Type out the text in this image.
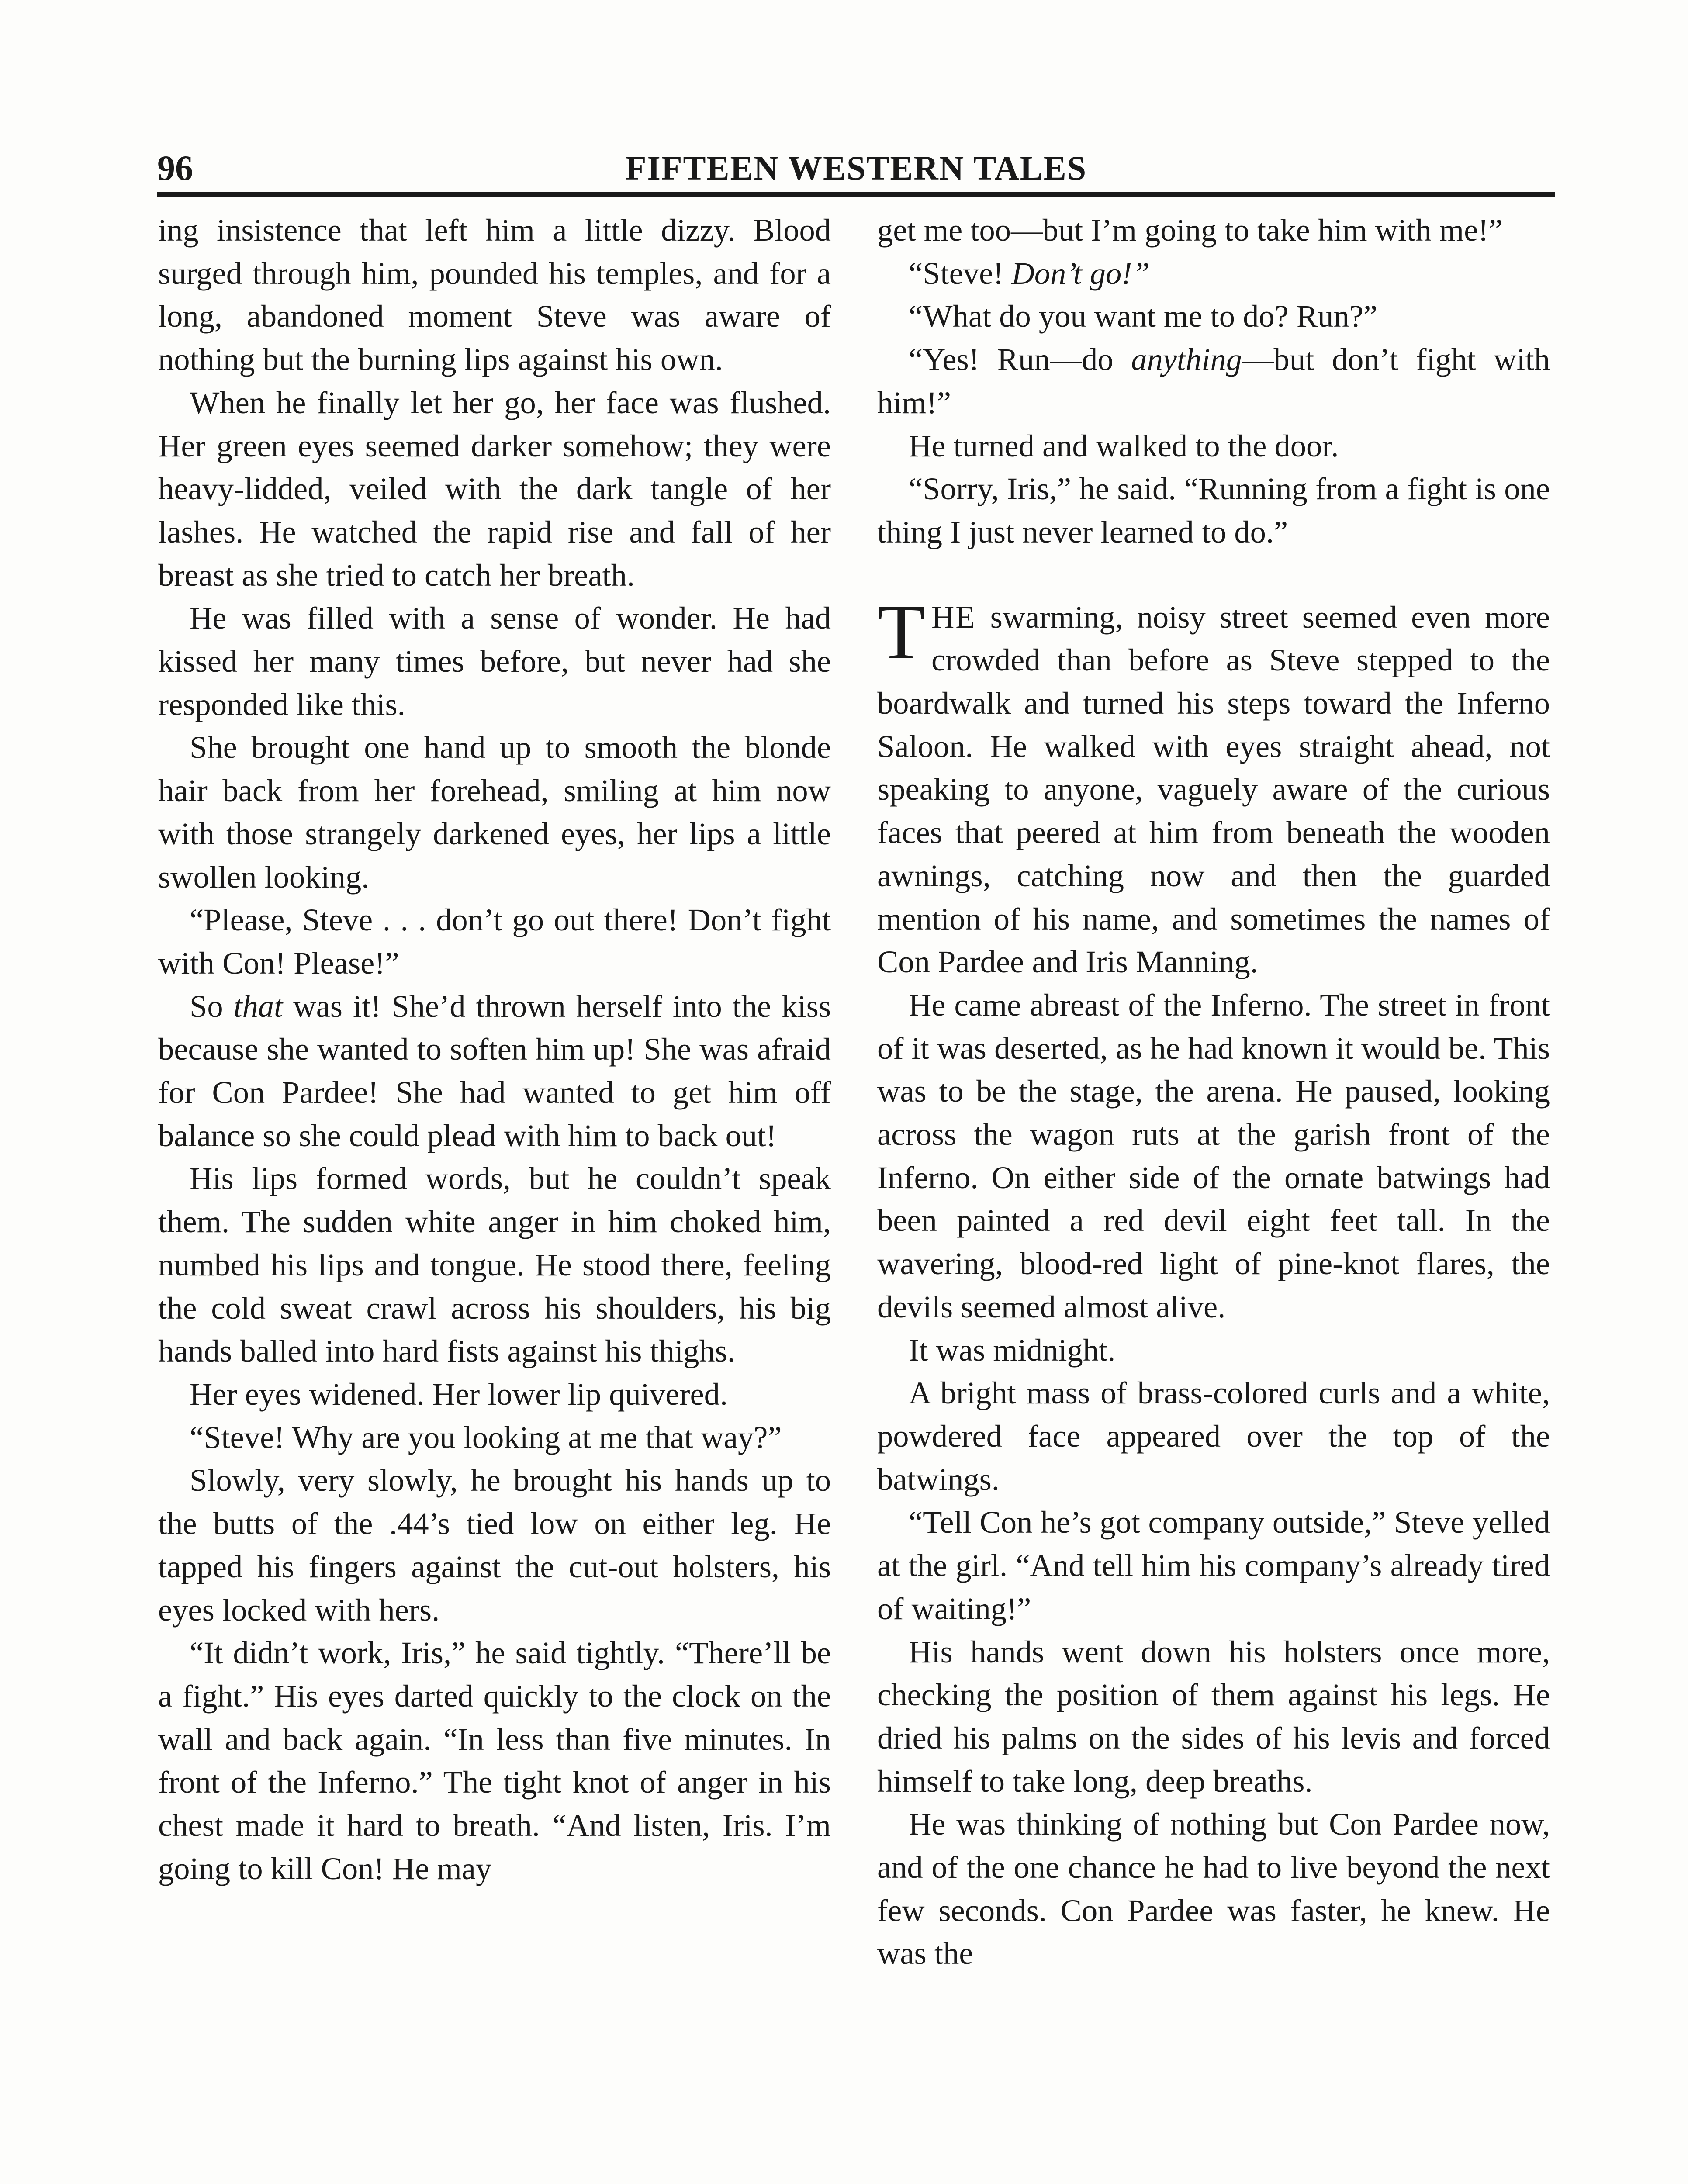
96	FIFTEEN WESTERN TALES

ing insistence that left him a little dizzy. Blood surged through him, pounded his temples, and for a long, abandoned moment Steve was aware of nothing but the burning lips against his own.

When he finally let her go, her face was flushed. Her green eyes seemed darker somehow; they were heavy-lidded, veiled with the dark tangle of her lashes. He watched the rapid rise and fall of her breast as she tried to catch her breath.

He was filled with a sense of wonder. He had kissed her many times before, but never had she responded like this.

She brought one hand up to smooth the blonde hair back from her forehead, smiling at him now with those strangely darkened eyes, her lips a little swollen looking.

“Please, Steve . . . don’t go out there! Don’t fight with Con! Please!”

So that was it! She’d thrown herself into the kiss because she wanted to soften him up! She was afraid for Con Pardee! She had wanted to get him off balance so she could plead with him to back out!

His lips formed words, but he couldn’t speak them. The sudden white anger in him choked him, numbed his lips and tongue. He stood there, feeling the cold sweat crawl across his shoulders, his big hands balled into hard fists against his thighs.

Her eyes widened. Her lower lip quivered.

“Steve! Why are you looking at me that way?”

Slowly, very slowly, he brought his hands up to the butts of the .44’s tied low on either leg. He tapped his fingers against the cut-out holsters, his eyes locked with hers.

“It didn’t work, Iris,” he said tightly. “There’ll be a fight.” His eyes darted quickly to the clock on the wall and back again. “In less than five minutes. In front of the Inferno.” The tight knot of anger in his chest made it hard to breath. “And listen, Iris. I’m going to kill Con! He may

get me too—but I’m going to take him with me!”

“Steve! Don’t go!”

“What do you want me to do? Run?”

“Yes! Run—do anything—but don’t fight with him!”

He turned and walked to the door.

“Sorry, Iris,” he said. “Running from a fight is one thing I just never learned to do.”

THE swarming, noisy street seemed even more crowded than before as Steve stepped to the boardwalk and turned his steps toward the Inferno Saloon. He walked with eyes straight ahead, not speaking to anyone, vaguely aware of the curious faces that peered at him from beneath the wooden awnings, catching now and then the guarded mention of his name, and sometimes the names of Con Pardee and Iris Manning.

He came abreast of the Inferno. The street in front of it was deserted, as he had known it would be. This was to be the stage, the arena. He paused, looking across the wagon ruts at the garish front of the Inferno. On either side of the ornate batwings had been painted a red devil eight feet tall. In the wavering, blood-red light of pine-knot flares, the devils seemed almost alive.

It was midnight.

A bright mass of brass-colored curls and a white, powdered face appeared over the top of the batwings.

“Tell Con he’s got company outside,” Steve yelled at the girl. “And tell him his company’s already tired of waiting!”

His hands went down his holsters once more, checking the position of them against his legs. He dried his palms on the sides of his levis and forced himself to take long, deep breaths.

He was thinking of nothing but Con Pardee now, and of the one chance he had to live beyond the next few seconds. Con Pardee was faster, he knew. He was the
